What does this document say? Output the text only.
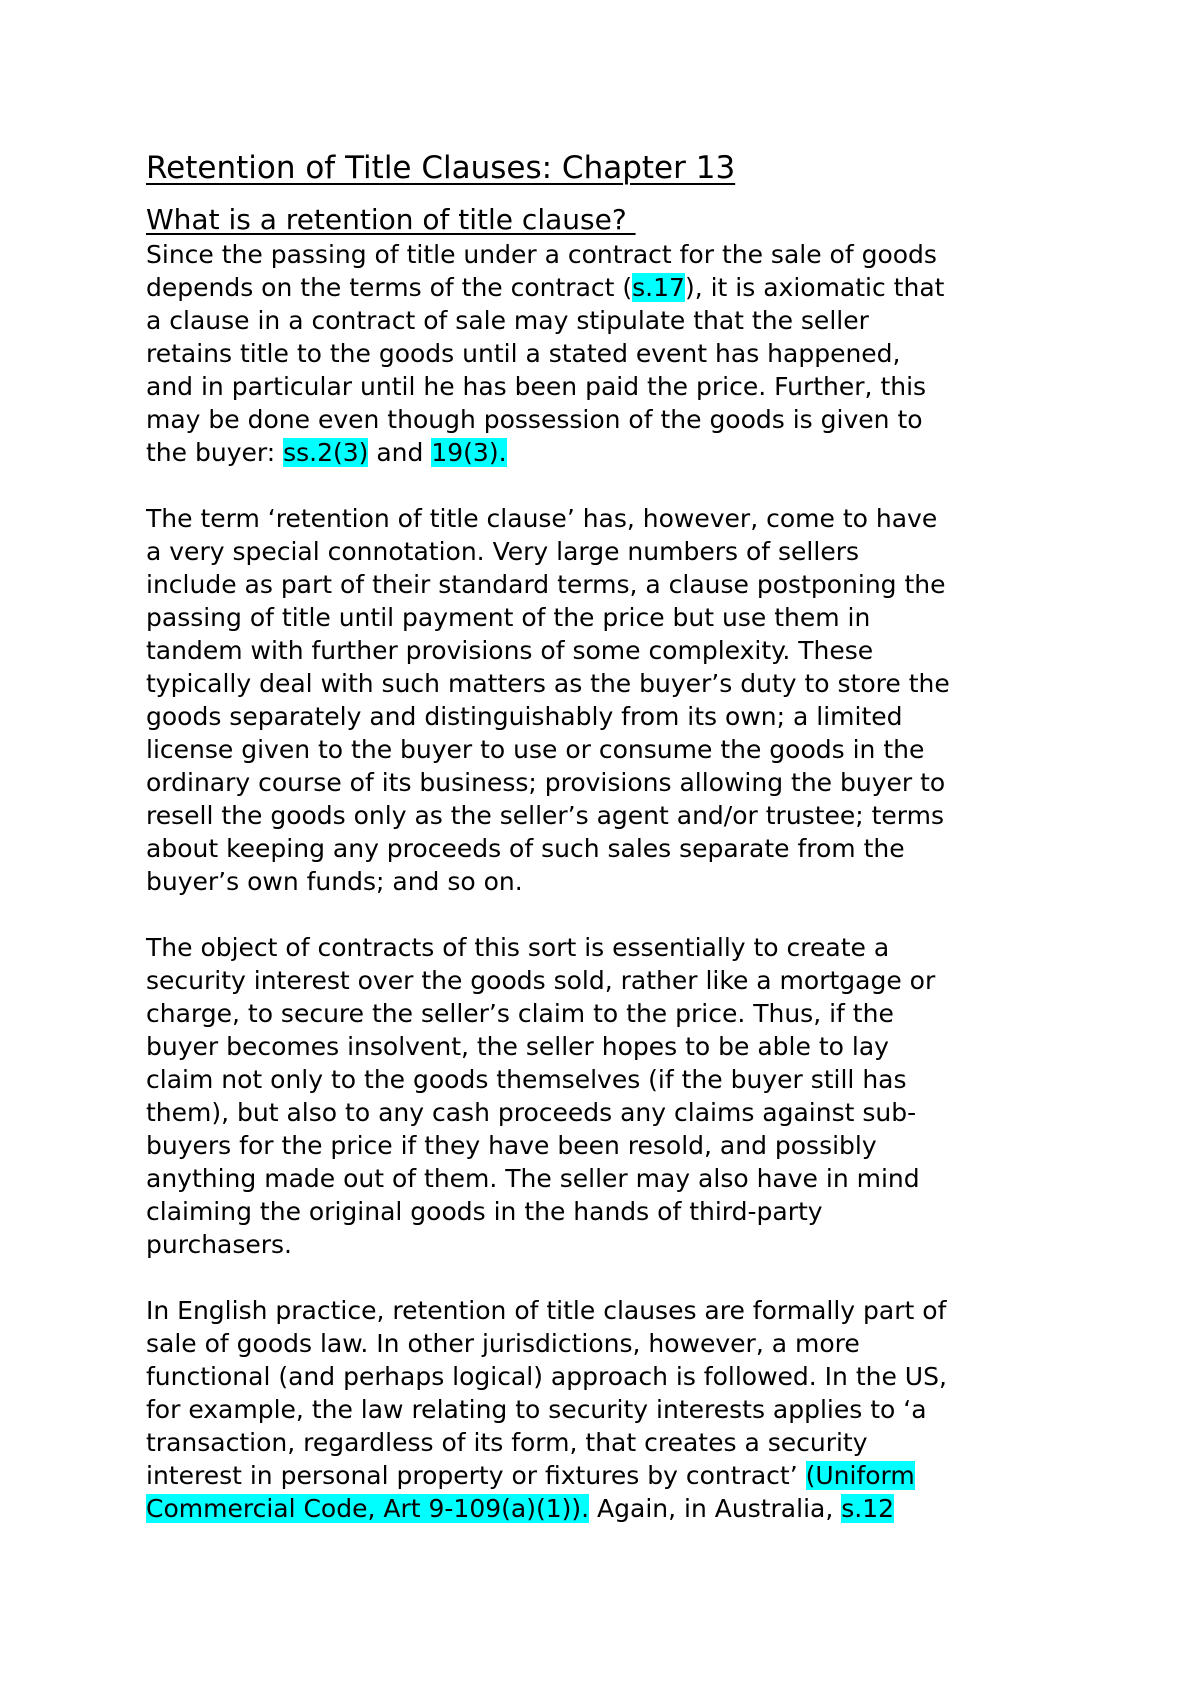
Retention of Title Clauses: Chapter 13
What is a retention of title clause?

Since the passing of title under a contract for the sale of goods
depends on the terms of the contract (s.17), it is axiomatic that
a clause in a contract of sale may stipulate that the seller
retains title to the goods until a stated event has happened,
and in particular until he has been paid the price. Further, this
may be done even though possession of the goods is given to
the buyer: ss.2(3) and 19(3).

The term ‘retention of title clause’ has, however, come to have
a very special connotation. Very large numbers of sellers
include as part of their standard terms, a clause postponing the
passing of title until payment of the price but use them in
tandem with further provisions of some complexity. These
typically deal with such matters as the buyer’s duty to store the
goods separately and distinguishably from its own; a limited
license given to the buyer to use or consume the goods in the
ordinary course of its business; provisions allowing the buyer to
resell the goods only as the seller’s agent and/or trustee; terms
about keeping any proceeds of such sales separate from the
buyer’s own funds; and so on.

The object of contracts of this sort is essentially to create a
security interest over the goods sold, rather like a mortgage or
charge, to secure the seller’s claim to the price. Thus, if the
buyer becomes insolvent, the seller hopes to be able to lay
claim not only to the goods themselves (if the buyer still has
them), but also to any cash proceeds any claims against sub-
buyers for the price if they have been resold, and possibly
anything made out of them. The seller may also have in mind
claiming the original goods in the hands of third-party
purchasers.

In English practice, retention of title clauses are formally part of
sale of goods law. In other jurisdictions, however, a more
functional (and perhaps logical) approach is followed. In the US,
for example, the law relating to security interests applies to ‘a
transaction, regardless of its form, that creates a security
interest in personal property or fixtures by contract’ (Uniform
Commercial Code, Art 9-109(a)(1)). Again, in Australia, s.12
